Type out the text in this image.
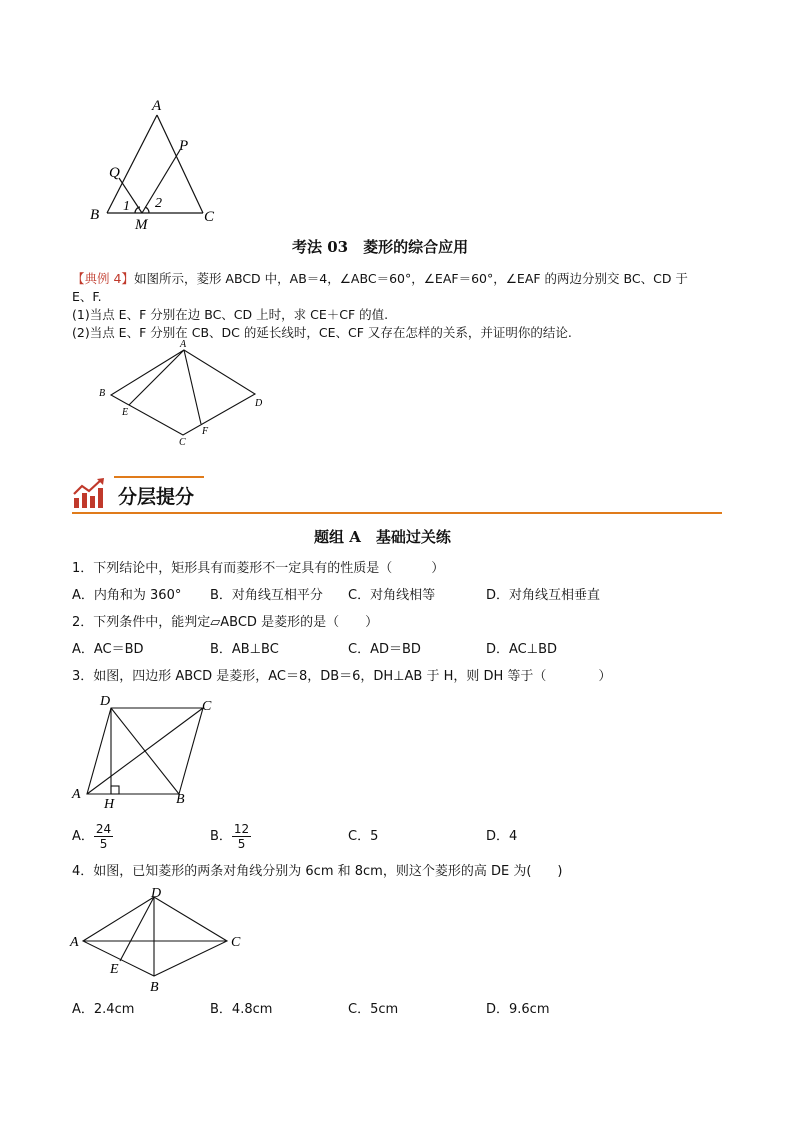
A
P
Q
B
1 2
M	C
考法 03　菱形的综合应用
【典例 4】如图所示，菱形 ABCD 中，AB＝4，∠ABC＝60°，∠EAF＝60°，∠EAF 的两边分别交 BC、CD 于
E、F.
(1)当点 E、F 分别在边 BC、CD 上时，求 CE＋CF 的值.
(2)当点 E、F 分别在 CB、DC 的延长线时，CE、CF 又存在怎样的关系，并证明你的结论.
A
B
E
C
F
D
分层提分
题组 A　基础过关练
1．下列结论中，矩形具有而菱形不一定具有的性质是（　　　）
A．内角和为 360° B．对角线互相平分 C．对角线相等	D．对角线互相垂直
2．下列条件中，能判定▱ABCD 是菱形的是（　　）
A．AC＝BD	B．AB⊥BC	C．AD＝BD	D．AC⊥BD
3．如图，四边形 ABCD 是菱形，AC＝8，DB＝6，DH⊥AB 于 H，则 DH 等于（　　　　）
D	C
A
H	B
A． $\frac{24}{5}$	B． $\frac{12}{5}$	C．5	D．4
4．如图，已知菱形的两条对角线分别为 6cm 和 8cm，则这个菱形的高 DE 为(　　)
D
A	C
E
B
A．2.4cm	B．4.8cm	C．5cm	D．9.6cm
